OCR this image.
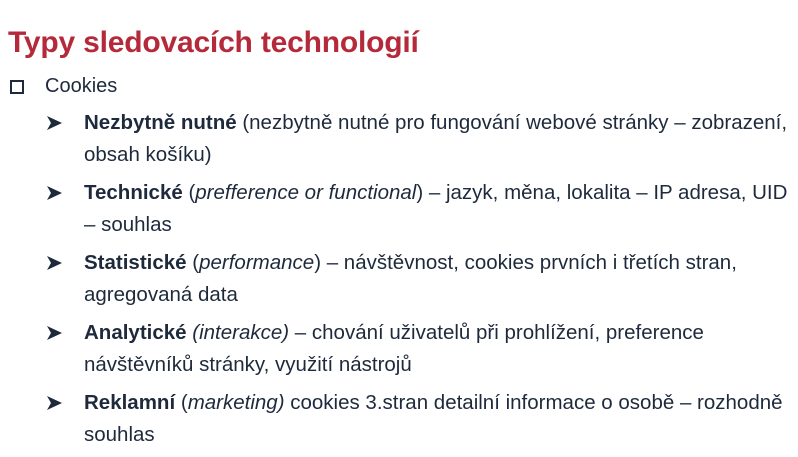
Typy sledovacích technologií
Cookies
Nezbytně nutné (nezbytně nutné pro fungování webové stránky – zobrazení, obsah košíku)
Technické (prefference or functional) – jazyk, měna, lokalita – IP adresa, UID – souhlas
Statistické (performance) – návštěvnost, cookies prvních i třetích stran, agregovaná data
Analytické (interakce) – chování uživatelů při prohlížení, preference návštěvníků stránky, využití nástrojů
Reklamní (marketing) cookies 3.stran detailní informace o osobě – rozhodně souhlas
